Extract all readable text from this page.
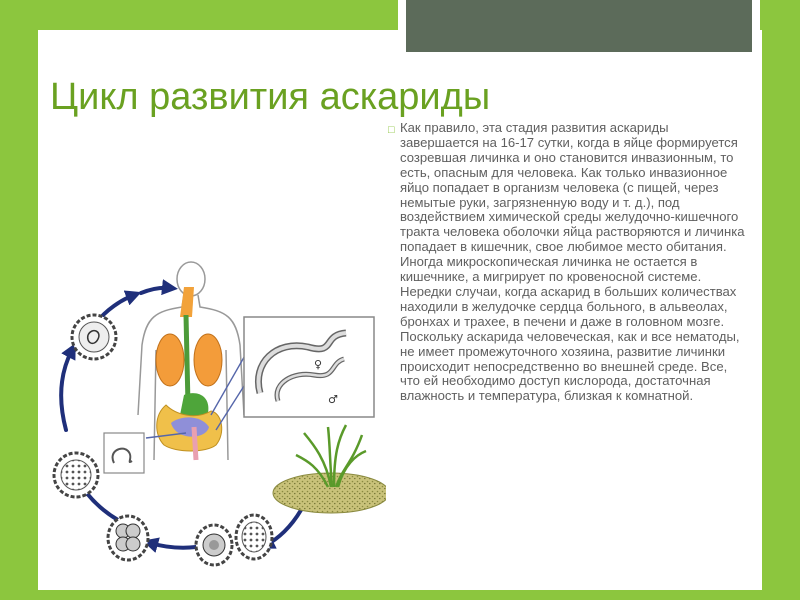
Цикл развития аскариды
□ Как правило, эта стадия развития аскариды завершается на 16-17 сутки, когда в яйце формируется созревшая личинка и оно становится инвазионным, то есть, опасным для человека. Как только инвазионное яйцо попадает в организм человека (с пищей, через немытые руки, загрязненную воду и т. д.), под воздействием химической среды желудочно-кишечного тракта человека оболочки яйца растворяются и личинка попадает в кишечник, свое любимое место обитания. Иногда микроскопическая личинка не остается в кишечнике, а мигрирует по кровеносной системе. Нередки случаи, когда аскарид в больших количествах находили в желудочке сердца больного, в альвеолах, бронхах и трахее, в печени и даже в головном мозге. Поскольку аскарида человеческая, как и все нематоды, не имеет промежуточного хозяина, развитие личинки происходит непосредственно во внешней среде. Все, что ей необходимо доступ кислорода, достаточная влажность и температура, близкая к комнатной.
♀
♂
